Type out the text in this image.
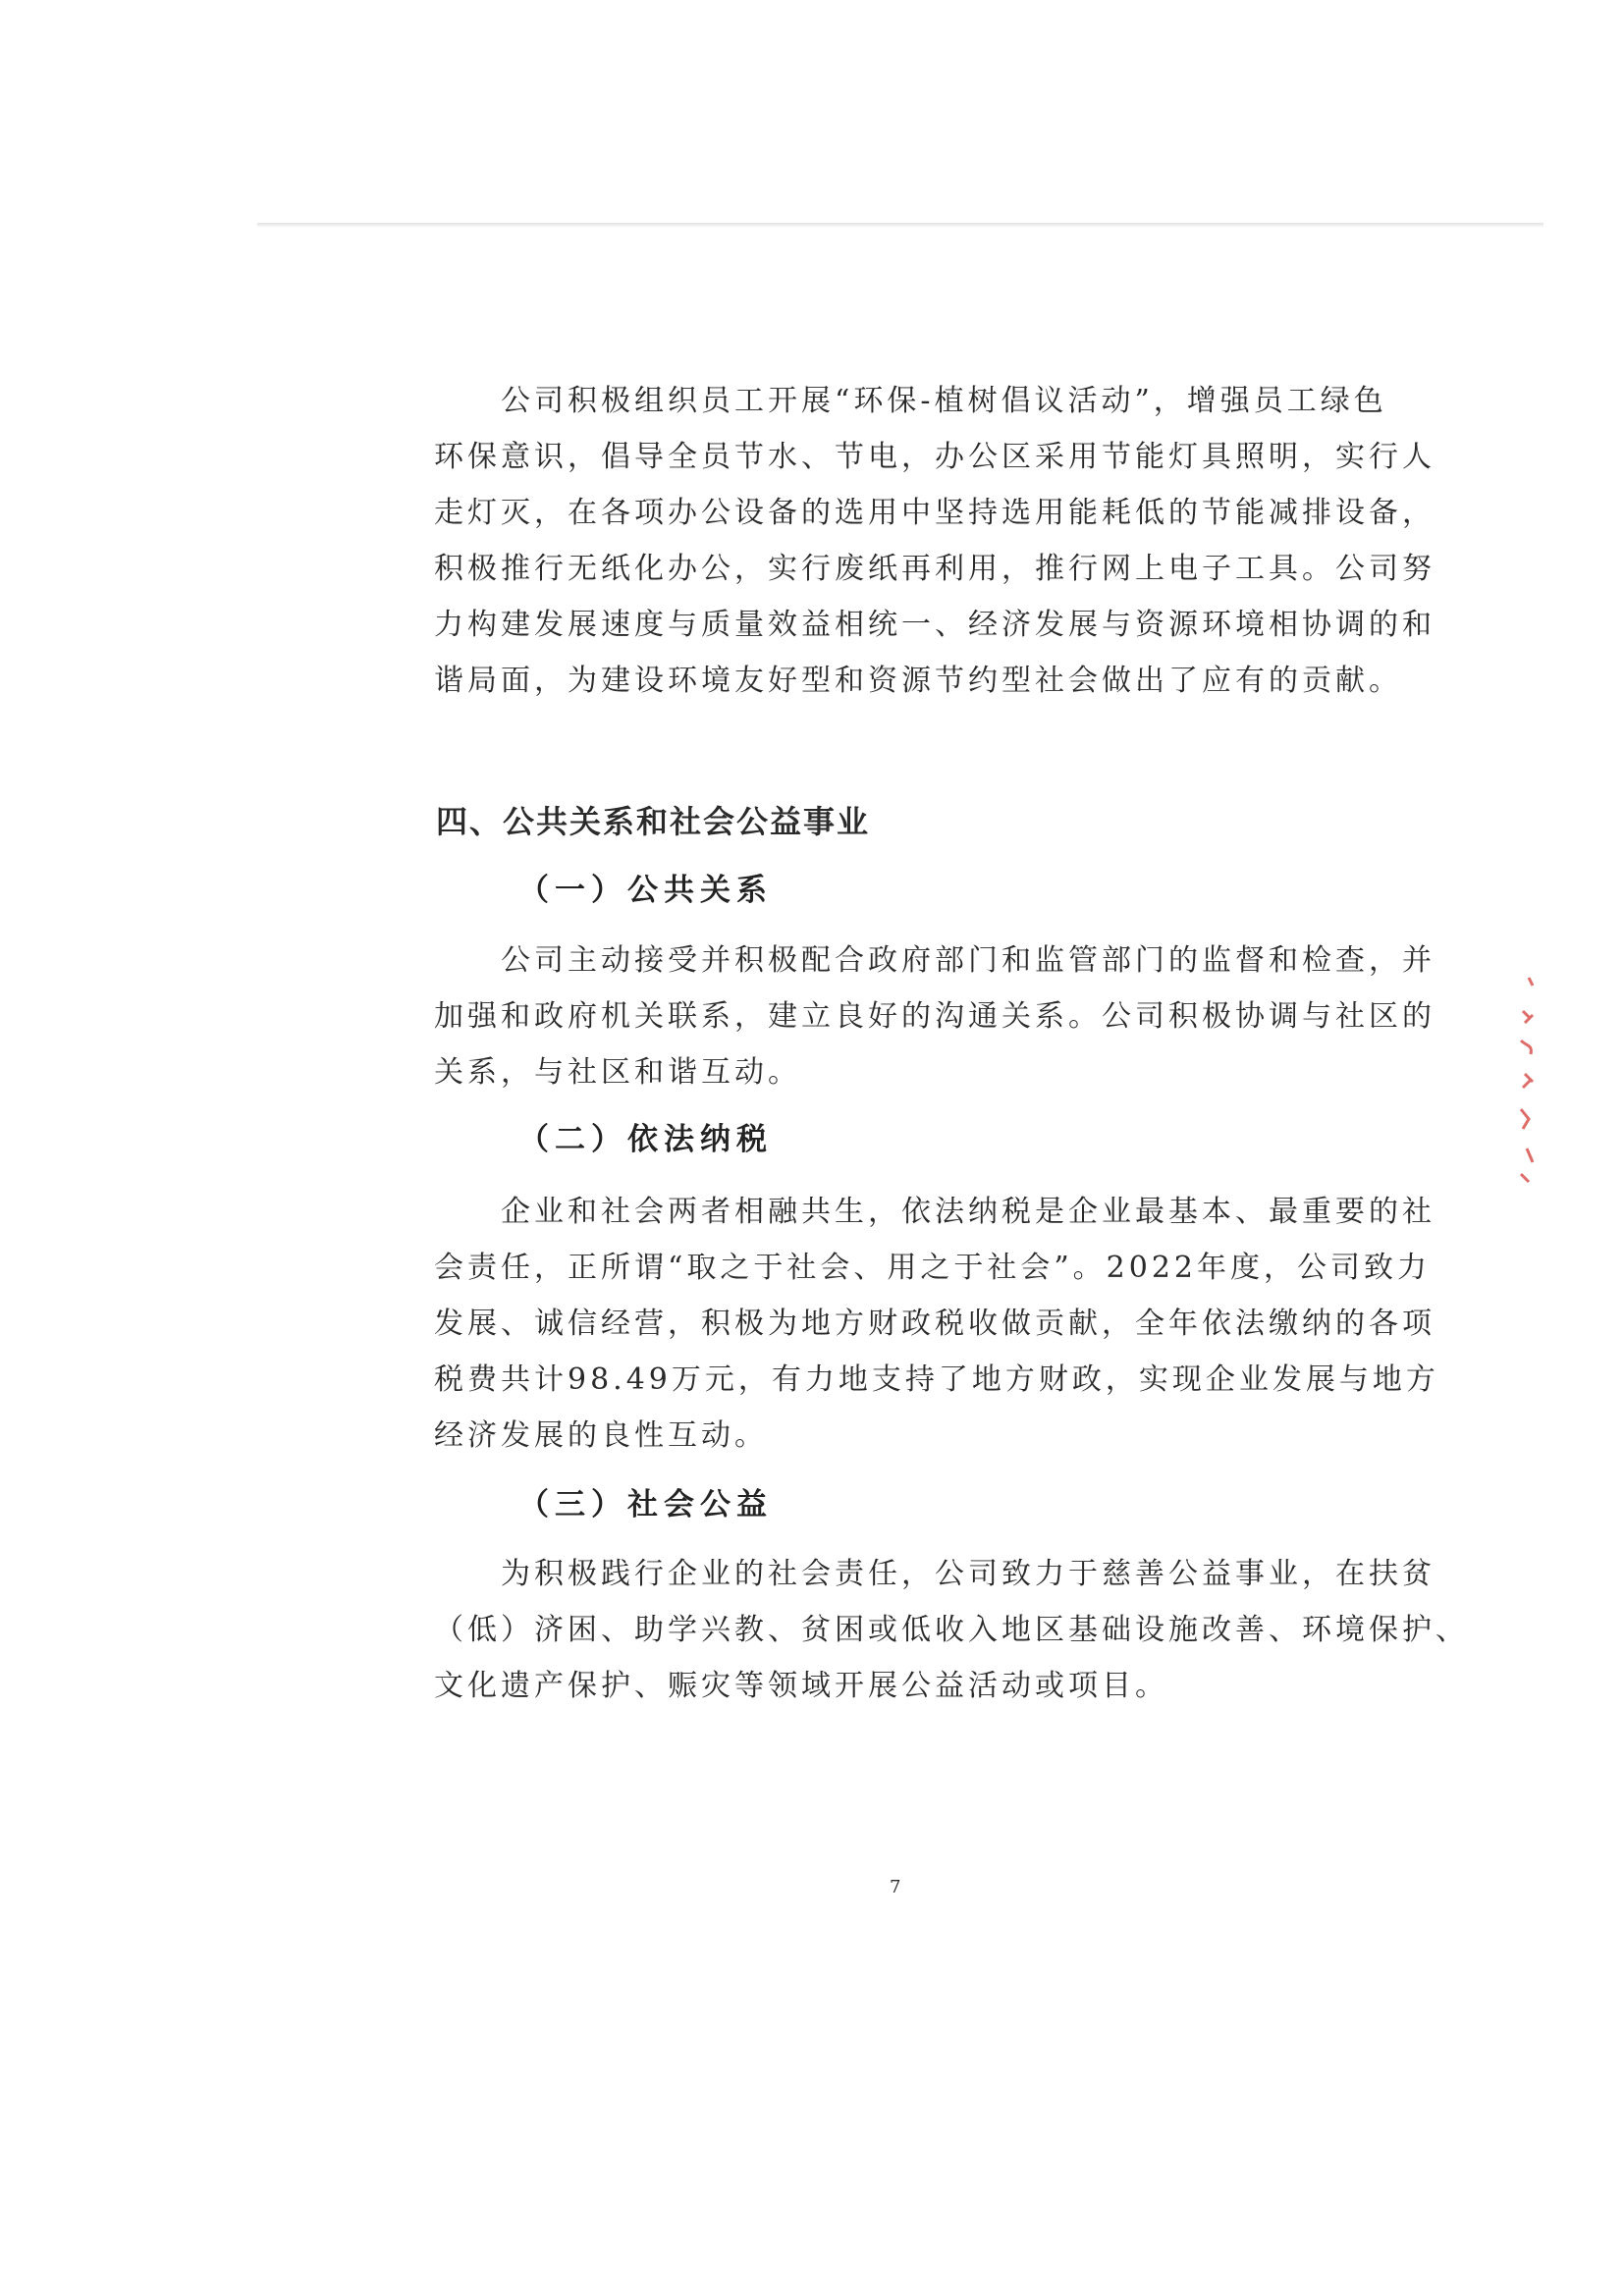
　　公司积极组织员工开展“环保-植树倡议活动”，增强员工绿色
环保意识，倡导全员节水、节电，办公区采用节能灯具照明，实行人
走灯灭，在各项办公设备的选用中坚持选用能耗低的节能减排设备，
积极推行无纸化办公，实行废纸再利用，推行网上电子工具。公司努
力构建发展速度与质量效益相统一、经济发展与资源环境相协调的和
谐局面，为建设环境友好型和资源节约型社会做出了应有的贡献。
四、公共关系和社会公益事业
（一）公共关系
　　公司主动接受并积极配合政府部门和监管部门的监督和检查，并
加强和政府机关联系，建立良好的沟通关系。公司积极协调与社区的
关系，与社区和谐互动。
（二）依法纳税
　　企业和社会两者相融共生，依法纳税是企业最基本、最重要的社
会责任，正所谓“取之于社会、用之于社会”。2022年度，公司致力
发展、诚信经营，积极为地方财政税收做贡献，全年依法缴纳的各项
税费共计98.49万元，有力地支持了地方财政，实现企业发展与地方
经济发展的良性互动。
（三）社会公益
　　为积极践行企业的社会责任，公司致力于慈善公益事业，在扶贫
（低）济困、助学兴教、贫困或低收入地区基础设施改善、环境保护、
文化遗产保护、赈灾等领域开展公益活动或项目。
7
